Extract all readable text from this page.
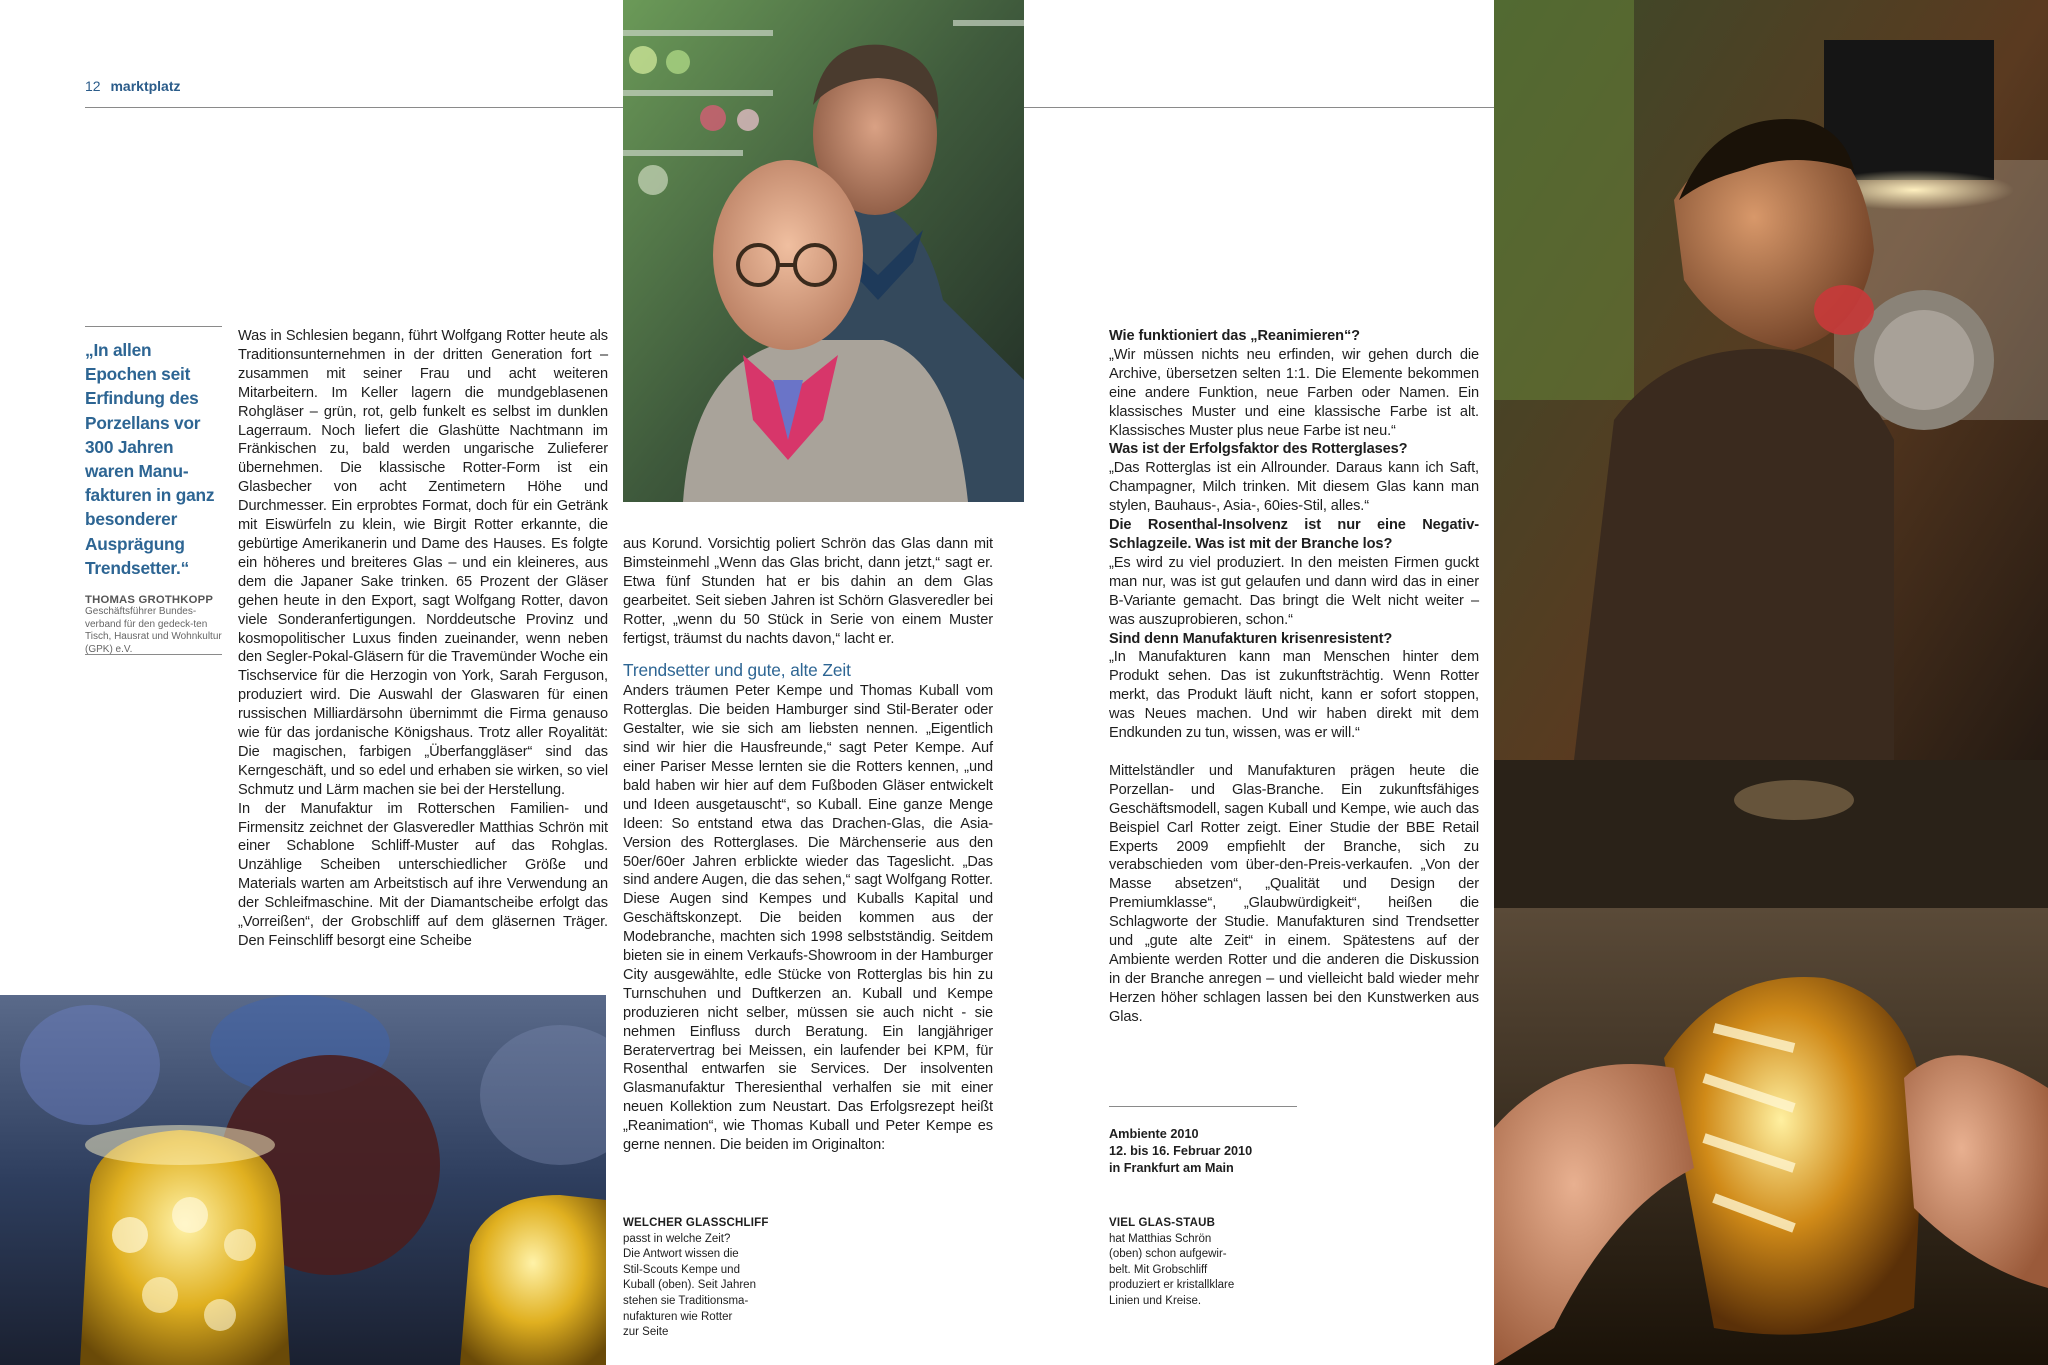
12 marktplatz
„In allen Epochen seit Erfindung des Porzellans vor 300 Jahren waren Manu-fakturen in ganz besonderer Ausprägung Trendsetter.“
THOMAS GROTHKOPP
Geschäftsführer Bundes-verband für den gedeck-ten Tisch, Hausrat und Wohnkultur (GPK) e.V.

Was in Schlesien begann, führt Wolfgang Rotter heute als Traditionsunternehmen in der dritten Generation fort – zusammen mit seiner Frau und acht weiteren Mitarbeitern. Im Keller lagern die mundgeblasenen Rohgläser – grün, rot, gelb funkelt es selbst im dunklen Lagerraum. Noch liefert die Glashütte Nachtmann im Fränkischen zu, bald werden ungarische Zulieferer übernehmen. Die klassische Rotter-Form ist ein Glasbecher von acht Zentimetern Höhe und Durchmesser. Ein erprobtes Format, doch für ein Getränk mit Eiswürfeln zu klein, wie Birgit Rotter erkannte, die gebürtige Amerikanerin und Dame des Hauses. Es folgte ein höheres und breiteres Glas – und ein kleineres, aus dem die Japaner Sake trinken. 65 Prozent der Gläser gehen heute in den Export, sagt Wolfgang Rotter, davon viele Sonderanfertigungen. Norddeutsche Provinz und kosmopolitischer Luxus finden zueinander, wenn neben den Segler-Pokal-Gläsern für die Travemünder Woche ein Tischservice für die Herzogin von York, Sarah Ferguson, produziert wird. Die Auswahl der Glaswaren für einen russischen Milliardärsohn übernimmt die Firma genauso wie für das jordanische Königshaus. Trotz aller Royalität: Die magischen, farbigen „Überfanggläser“ sind das Kerngeschäft, und so edel und erhaben sie wirken, so viel Schmutz und Lärm machen sie bei der Herstellung.

In der Manufaktur im Rotterschen Familien- und Firmensitz zeichnet der Glasveredler Matthias Schrön mit einer Schablone Schliff-Muster auf das Rohglas. Unzählige Scheiben unterschiedlicher Größe und Materials warten am Arbeitstisch auf ihre Verwendung an der Schleifmaschine. Mit der Diamantscheibe erfolgt das „Vorreißen“, der Grobschliff auf dem gläsernen Träger. Den Feinschliff besorgt eine Scheibe

aus Korund. Vorsichtig poliert Schrön das Glas dann mit Bimsteinmehl „Wenn das Glas bricht, dann jetzt,“ sagt er. Etwa fünf Stunden hat er bis dahin an dem Glas gearbeitet. Seit sieben Jahren ist Schörn Glasveredler bei Rotter, „wenn du 50 Stück in Serie von einem Muster fertigst, träumst du nachts davon,“ lacht er.

Trendsetter und gute, alte Zeit

Anders träumen Peter Kempe und Thomas Kuball vom Rotterglas. Die beiden Hamburger sind Stil-Berater oder Gestalter, wie sie sich am liebsten nennen. „Eigentlich sind wir hier die Hausfreunde,“ sagt Peter Kempe. Auf einer Pariser Messe lernten sie die Rotters kennen, „und bald haben wir hier auf dem Fußboden Gläser entwickelt und Ideen ausgetauscht“, so Kuball. Eine ganze Menge Ideen: So entstand etwa das Drachen-Glas, die Asia-Version des Rotterglases. Die Märchenserie aus den 50er/60er Jahren erblickte wieder das Tageslicht. „Das sind andere Augen, die das sehen,“ sagt Wolfgang Rotter. Diese Augen sind Kempes und Kuballs Kapital und Geschäftskonzept. Die beiden kommen aus der Modebranche, machten sich 1998 selbstständig. Seitdem bieten sie in einem Verkaufs-Showroom in der Hamburger City ausgewählte, edle Stücke von Rotterglas bis hin zu Turnschuhen und Duftkerzen an. Kuball und Kempe produzieren nicht selber, müssen sie auch nicht - sie nehmen Einfluss durch Beratung. Ein langjähriger Beratervertrag bei Meissen, ein laufender bei KPM, für Rosenthal entwarfen sie Services. Der insolventen Glasmanufaktur Theresienthal verhalfen sie mit einer neuen Kollektion zum Neustart. Das Erfolgsrezept heißt „Reanimation“, wie Thomas Kuball und Peter Kempe es gerne nennen. Die beiden im Originalton:

Wie funktioniert das „Reanimieren“?

„Wir müssen nichts neu erfinden, wir gehen durch die Archive, übersetzen selten 1:1. Die Elemente bekommen eine andere Funktion, neue Farben oder Namen. Ein klassisches Muster und eine klassische Farbe ist alt. Klassisches Muster plus neue Farbe ist neu.“

Was ist der Erfolgsfaktor des Rotterglases?

„Das Rotterglas ist ein Allrounder. Daraus kann ich Saft, Champagner, Milch trinken. Mit diesem Glas kann man stylen, Bauhaus-, Asia-, 60ies-Stil, alles.“

Die Rosenthal-Insolvenz ist nur eine Negativ-Schlagzeile. Was ist mit der Branche los?

„Es wird zu viel produziert. In den meisten Firmen guckt man nur, was ist gut gelaufen und dann wird das in einer B-Variante gemacht. Das bringt die Welt nicht weiter – was auszuprobieren, schon.“

Sind denn Manufakturen krisenresistent?

„In Manufakturen kann man Menschen hinter dem Produkt sehen. Das ist zukunftsträchtig. Wenn Rotter merkt, das Produkt läuft nicht, kann er sofort stoppen, was Neues machen. Und wir haben direkt mit dem Endkunden zu tun, wissen, was er will.“

Mittelständler und Manufakturen prägen heute die Porzellan- und Glas-Branche. Ein zukunftsfähiges Geschäftsmodell, sagen Kuball und Kempe, wie auch das Beispiel Carl Rotter zeigt. Einer Studie der BBE Retail Experts 2009 empfiehlt der Branche, sich zu verabschieden vom über-den-Preis-verkaufen. „Von der Masse absetzen“, „Qualität und Design der Premiumklasse“, „Glaubwürdigkeit“, heißen die Schlagworte der Studie. Manufakturen sind Trendsetter und „gute alte Zeit“ in einem. Spätestens auf der Ambiente werden Rotter und die anderen die Diskussion in der Branche anregen – und vielleicht bald wieder mehr Herzen höher schlagen lassen bei den Kunstwerken aus Glas.

Ambiente 2010
12. bis 16. Februar 2010
in Frankfurt am Main
WELCHER GLASSCHLIFF
passt in welche Zeit?
Die Antwort wissen die
Stil-Scouts Kempe und
Kuball (oben). Seit Jahren
stehen sie Traditionsma-
nufakturen wie Rotter
zur Seite
VIEL GLAS-STAUB
hat Matthias Schrön
(oben) schon aufgewir-
belt. Mit Grobschliff
produziert er kristallklare
Linien und Kreise.
